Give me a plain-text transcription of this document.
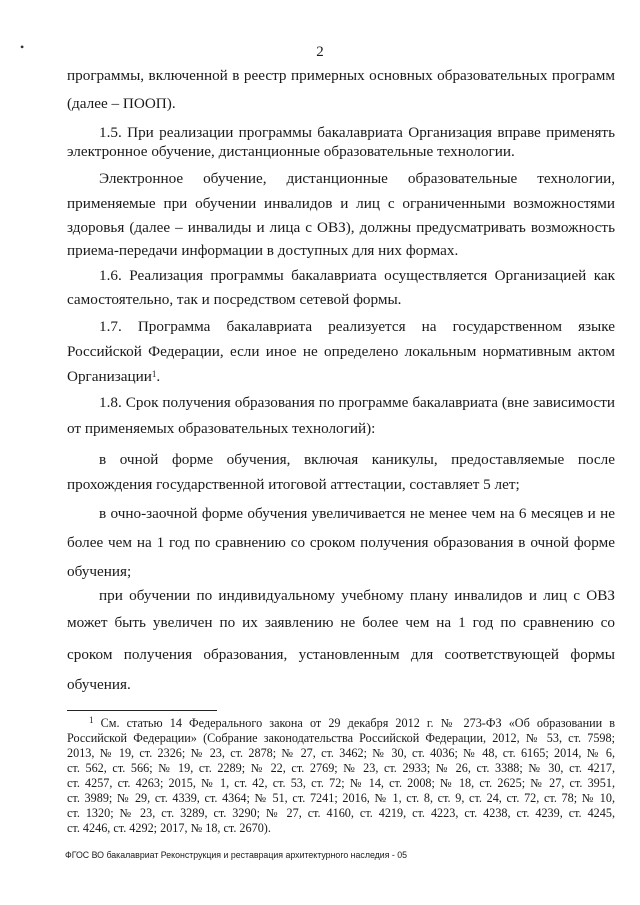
•	2
программы, включенной в реестр примерных основных образовательных программ
(далее – ПООП).
1.5. При реализации программы бакалавриата Организация вправе применять
электронное обучение, дистанционные образовательные технологии.
Электронное обучение, дистанционные образовательные технологии,
применяемые при обучении инвалидов и лиц с ограниченными возможностями
здоровья (далее – инвалиды и лица с ОВЗ), должны предусматривать возможность
приема-передачи информации в доступных для них формах.
1.6. Реализация программы бакалавриата осуществляется Организацией как
самостоятельно, так и посредством сетевой формы.
1.7. Программа бакалавриата реализуется на государственном языке
Российской Федерации, если иное не определено локальным нормативным актом
Организации$^1$.
1.8. Срок получения образования по программе бакалавриата (вне зависимости
от применяемых образовательных технологий):
в очной форме обучения, включая каникулы, предоставляемые после
прохождения государственной итоговой аттестации, составляет 5 лет;
в очно-заочной форме обучения увеличивается не менее чем на 6 месяцев и не
более чем на 1 год по сравнению со сроком получения образования в очной форме
обучения;
при обучении по индивидуальному учебному плану инвалидов и лиц с ОВЗ
может быть увеличен по их заявлению не более чем на 1 год по сравнению со
сроком получения образования, установленным для соответствующей формы
обучения.
$^1$ См. статью 14 Федерального закона от 29 декабря 2012 г. № 273-ФЗ «Об образовании в
Российской Федерации» (Собрание законодательства Российской Федерации, 2012, № 53, ст. 7598;
2013, № 19, ст. 2326; № 23, ст. 2878; № 27, ст. 3462; № 30, ст. 4036; № 48, ст. 6165; 2014, № 6,
ст. 562, ст. 566; № 19, ст. 2289; № 22, ст. 2769; № 23, ст. 2933; № 26, ст. 3388; № 30, ст. 4217,
ст. 4257, ст. 4263; 2015, № 1, ст. 42, ст. 53, ст. 72; № 14, ст. 2008; № 18, ст. 2625; № 27, ст. 3951,
ст. 3989; № 29, ст. 4339, ст. 4364; № 51, ст. 7241; 2016, № 1, ст. 8, ст. 9, ст. 24, ст. 72, ст. 78; № 10,
ст. 1320; № 23, ст. 3289, ст. 3290; № 27, ст. 4160, ст. 4219, ст. 4223, ст. 4238, ст. 4239, ст. 4245,
ст. 4246, ст. 4292; 2017, № 18, ст. 2670).
ФГОС ВО бакалавриат Реконструкция и реставрация архитектурного наследия - 05
